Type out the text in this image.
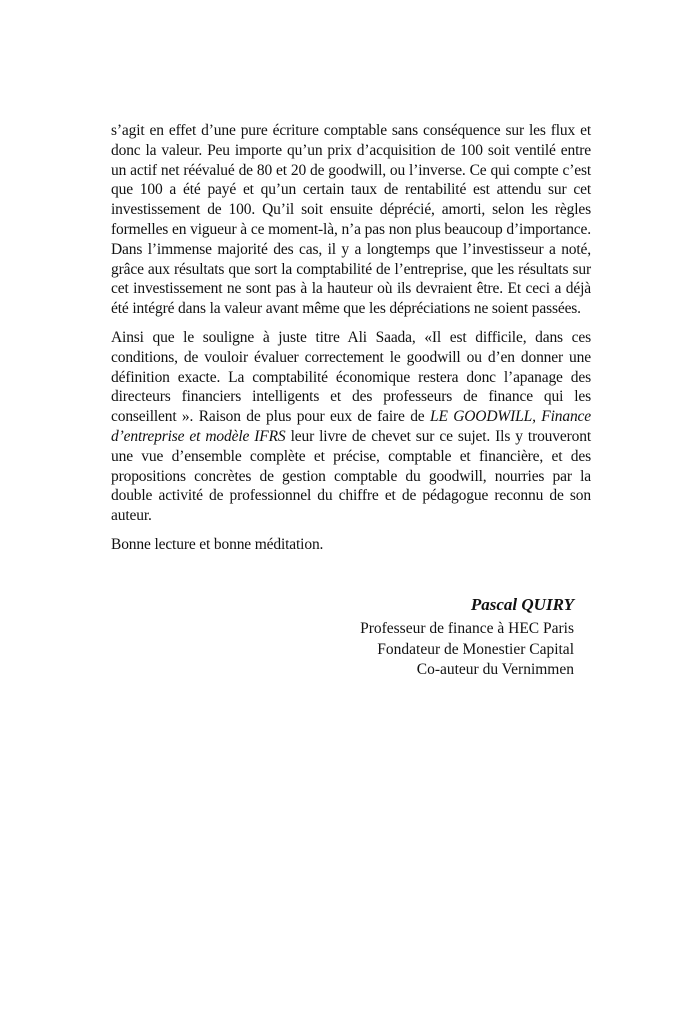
s’agit en effet d’une pure écriture comptable sans conséquence sur les flux et donc la valeur. Peu importe qu’un prix d’acquisition de 100 soit ventilé entre un actif net réévalué de 80 et 20 de goodwill, ou l’inverse. Ce qui compte c’est que 100 a été payé et qu’un certain taux de rentabilité est attendu sur cet investissement de 100. Qu’il soit ensuite déprécié, amorti, selon les règles formelles en vigueur à ce moment-là, n’a pas non plus beaucoup d’importance. Dans l’immense majorité des cas, il y a longtemps que l’investisseur a noté, grâce aux résultats que sort la comptabilité de l’entreprise, que les résultats sur cet investissement ne sont pas à la hauteur où ils devraient être. Et ceci a déjà été intégré dans la valeur avant même que les dépréciations ne soient passées.

Ainsi que le souligne à juste titre Ali Saada, «Il est difficile, dans ces conditions, de vouloir évaluer correctement le goodwill ou d’en donner une définition exacte. La comptabilité économique restera donc l’apanage des directeurs financiers intelligents et des professeurs de finance qui les conseillent ». Raison de plus pour eux de faire de LE GOODWILL, Finance d’entreprise et modèle IFRS leur livre de chevet sur ce sujet. Ils y trouveront une vue d’ensemble complète et précise, comptable et financière, et des propositions concrètes de gestion comptable du goodwill, nourries par la double activité de professionnel du chiffre et de pédagogue reconnu de son auteur.

Bonne lecture et bonne méditation.

Pascal QUIRY
Professeur de finance à HEC Paris
Fondateur de Monestier Capital
Co-auteur du Vernimmen
